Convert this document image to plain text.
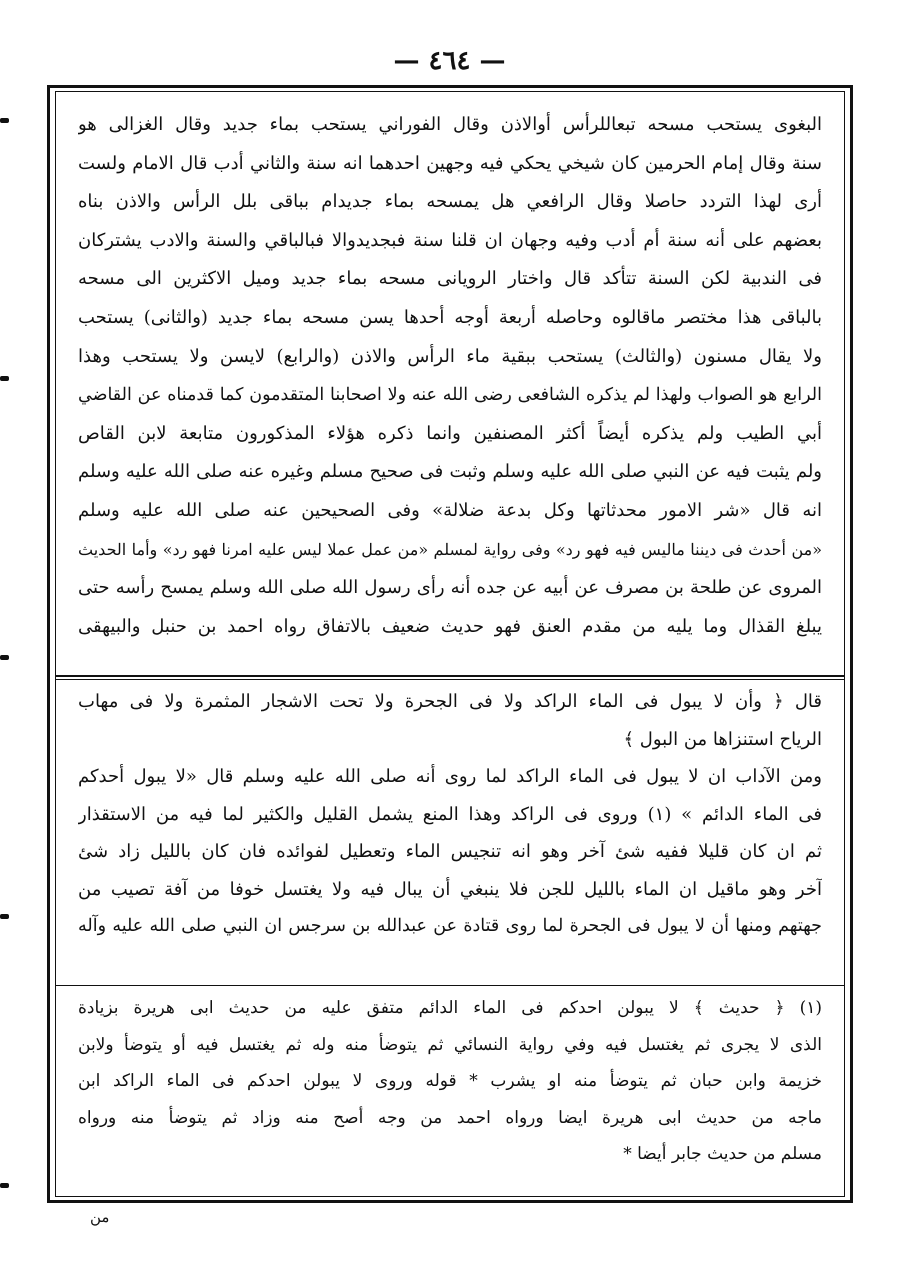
— ٤٦٤ —
البغوى يستحب مسحه تبعاللرأس أوالاذن وقال الفوراني يستحب بماء جديد وقال الغزالى هو
سنة وقال إمام الحرمين كان شيخي يحكي فيه وجهين احدهما انه سنة والثاني أدب قال الامام ولست
أرى لهذا التردد حاصلا وقال الرافعي هل يمسحه بماء جديدام بباقى بلل الرأس والاذن بناه
بعضهم على أنه سنة أم أدب وفيه وجهان ان قلنا سنة فبجديدوالا فبالباقي والسنة والادب يشتركان
فى الندبية لكن السنة تتأكد قال واختار الرويانى مسحه بماء جديد وميل الاكثرين الى مسحه
بالباقى هذا مختصر ماقالوه وحاصله أربعة أوجه أحدها يسن مسحه بماء جديد (والثانى) يستحب
ولا يقال مسنون (والثالث) يستحب ببقية ماء الرأس والاذن (والرابع) لايسن ولا يستحب وهذا
الرابع هو الصواب ولهذا لم يذكره الشافعى رضى الله عنه ولا اصحابنا المتقدمون كما قدمناه عن القاضي
أبي الطيب ولم يذكره أيضاً أكثر المصنفين وانما ذكره هؤلاء المذكورون متابعة لابن القاص
ولم يثبت فيه عن النبي صلى الله عليه وسلم وثبت فى صحيح مسلم وغيره عنه صلى الله عليه وسلم
انه قال «شر الامور محدثاتها وكل بدعة ضلالة» وفى الصحيحين عنه صلى الله عليه وسلم
«من أحدث فى ديننا ماليس فيه فهو رد» وفى رواية لمسلم «من عمل عملا ليس عليه امرنا فهو رد» وأما الحديث
المروى عن طلحة بن مصرف عن أبيه عن جده أنه رأى رسول الله صلى الله وسلم يمسح رأسه حتى
يبلغ القذال وما يليه من مقدم العنق فهو حديث ضعيف بالاتفاق رواه احمد بن حنبل والبيهقى
قال ﴿ وأن لا يبول فى الماء الراكد ولا فى الجحرة ولا تحت الاشجار المثمرة ولا فى مهاب
الرياح استنزاها من البول ﴾
ومن الآداب ان لا يبول فى الماء الراكد لما روى أنه صلى الله عليه وسلم قال «لا يبول أحدكم
فى الماء الدائم » (١) وروى فى الراكد وهذا المنع يشمل القليل والكثير لما فيه من الاستقذار
ثم ان كان قليلا ففيه شئ آخر وهو انه تنجيس الماء وتعطيل لفوائده فان كان بالليل زاد شئ
آخر وهو ماقيل ان الماء بالليل للجن فلا ينبغي أن يبال فيه ولا يغتسل خوفا من آفة تصيب من
جهتهم ومنها أن لا يبول فى الجحرة لما روى قتادة عن عبدالله بن سرجس ان النبي صلى الله عليه وآله
(١) ﴿ حديث ﴾ لا يبولن احدكم فى الماء الدائم متفق عليه من حديث ابى هريرة بزيادة
الذى لا يجرى ثم يغتسل فيه وفي رواية النسائي ثم يتوضأ منه وله ثم يغتسل فيه أو يتوضأ ولابن
خزيمة وابن حبان ثم يتوضأ منه او يشرب * قوله وروى لا يبولن احدكم فى الماء الراكد ابن
ماجه من حديث ابى هريرة ايضا ورواه احمد من وجه أصح منه وزاد ثم يتوضأ منه ورواه
مسلم من حديث جابر أيضا *
من
